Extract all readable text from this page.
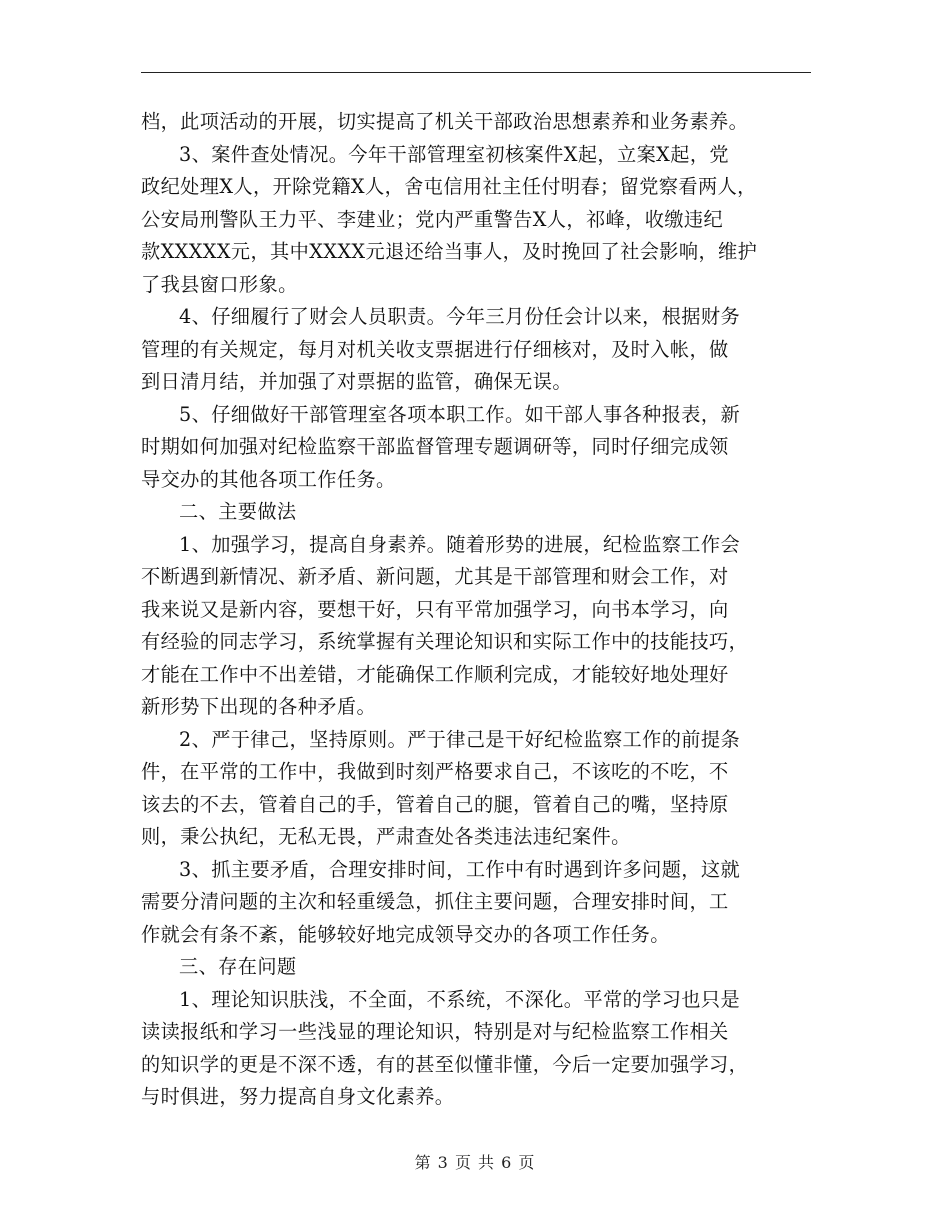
档，此项活动的开展，切实提高了机关干部政治思想素养和业务素养。
3、案件查处情况。今年干部管理室初核案件X起，立案X起，党
政纪处理X人，开除党籍X人，舍屯信用社主任付明春；留党察看两人，
公安局刑警队王力平、李建业；党内严重警告X人，祁峰，收缴违纪
款XXXXX元，其中XXXX元退还给当事人，及时挽回了社会影响，维护
了我县窗口形象。
4、仔细履行了财会人员职责。今年三月份任会计以来，根据财务
管理的有关规定，每月对机关收支票据进行仔细核对，及时入帐，做
到日清月结，并加强了对票据的监管，确保无误。
5、仔细做好干部管理室各项本职工作。如干部人事各种报表，新
时期如何加强对纪检监察干部监督管理专题调研等，同时仔细完成领
导交办的其他各项工作任务。
二、主要做法
1、加强学习，提高自身素养。随着形势的进展，纪检监察工作会
不断遇到新情况、新矛盾、新问题，尤其是干部管理和财会工作，对
我来说又是新内容，要想干好，只有平常加强学习，向书本学习，向
有经验的同志学习，系统掌握有关理论知识和实际工作中的技能技巧，
才能在工作中不出差错，才能确保工作顺利完成，才能较好地处理好
新形势下出现的各种矛盾。
2、严于律己，坚持原则。严于律己是干好纪检监察工作的前提条
件，在平常的工作中，我做到时刻严格要求自己，不该吃的不吃，不
该去的不去，管着自己的手，管着自己的腿，管着自己的嘴，坚持原
则，秉公执纪，无私无畏，严肃查处各类违法违纪案件。
3、抓主要矛盾，合理安排时间，工作中有时遇到许多问题，这就
需要分清问题的主次和轻重缓急，抓住主要问题，合理安排时间，工
作就会有条不紊，能够较好地完成领导交办的各项工作任务。
三、存在问题
1、理论知识肤浅，不全面，不系统，不深化。平常的学习也只是
读读报纸和学习一些浅显的理论知识，特别是对与纪检监察工作相关
的知识学的更是不深不透，有的甚至似懂非懂，今后一定要加强学习，
与时俱进，努力提高自身文化素养。
第 3 页 共 6 页
